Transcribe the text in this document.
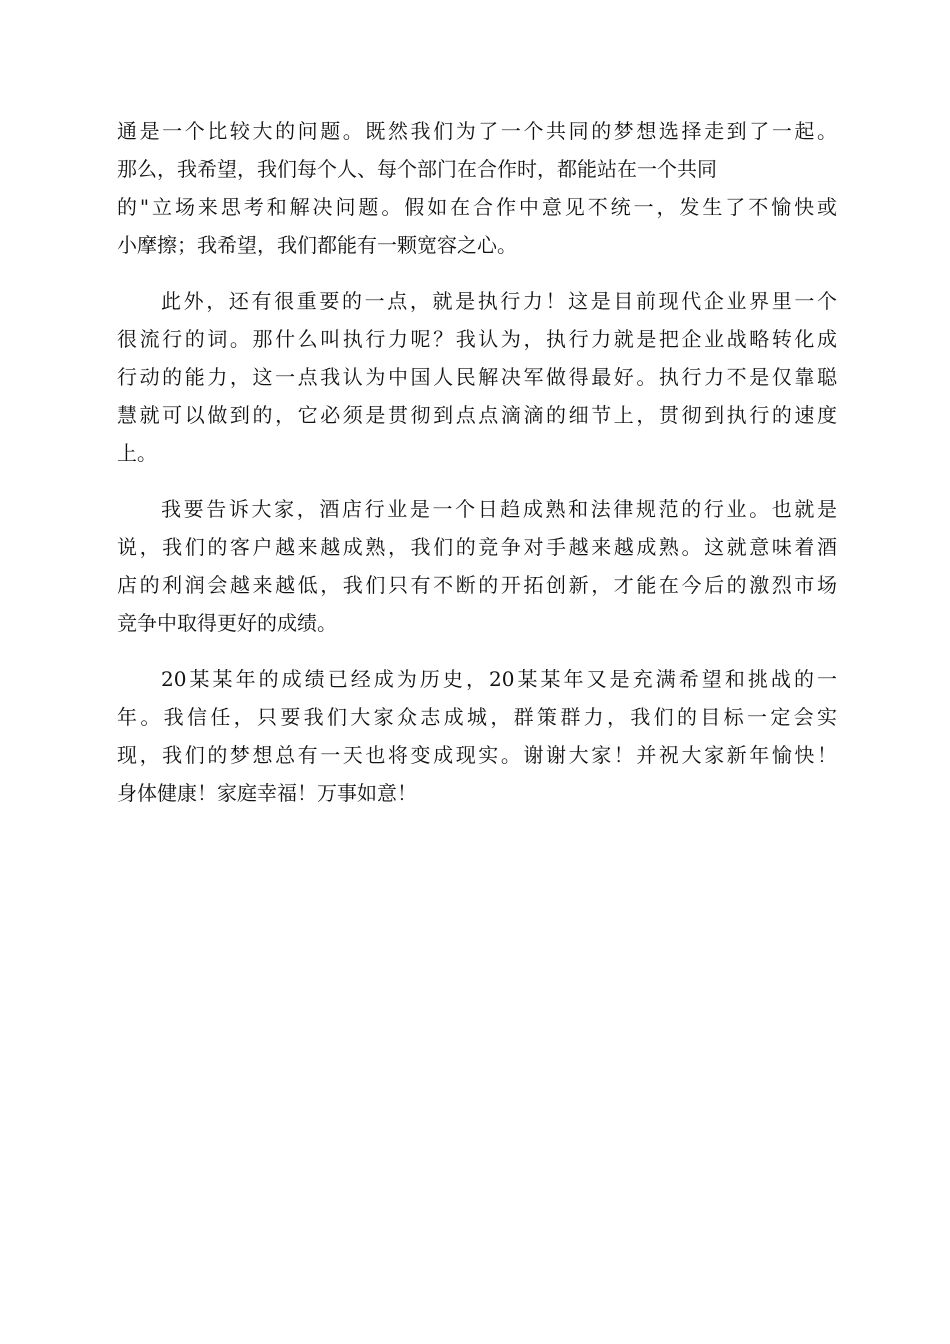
通是一个比较大的问题。既然我们为了一个共同的梦想选择走到了一起。
那么，我希望，我们每个人、每个部门在合作时，都能站在一个共同
的"立场来思考和解决问题。假如在合作中意见不统一，发生了不愉快或
小摩擦；我希望，我们都能有一颗宽容之心。
此外，还有很重要的一点，就是执行力！这是目前现代企业界里一个
很流行的词。那什么叫执行力呢？我认为，执行力就是把企业战略转化成
行动的能力，这一点我认为中国人民解决军做得最好。执行力不是仅靠聪
慧就可以做到的，它必须是贯彻到点点滴滴的细节上，贯彻到执行的速度
上。
我要告诉大家，酒店行业是一个日趋成熟和法律规范的行业。也就是
说，我们的客户越来越成熟，我们的竞争对手越来越成熟。这就意味着酒
店的利润会越来越低，我们只有不断的开拓创新，才能在今后的激烈市场
竞争中取得更好的成绩。
20某某年的成绩已经成为历史，20某某年又是充满希望和挑战的一
年。我信任，只要我们大家众志成城，群策群力，我们的目标一定会实
现，我们的梦想总有一天也将变成现实。谢谢大家！并祝大家新年愉快！
身体健康！家庭幸福！万事如意！
